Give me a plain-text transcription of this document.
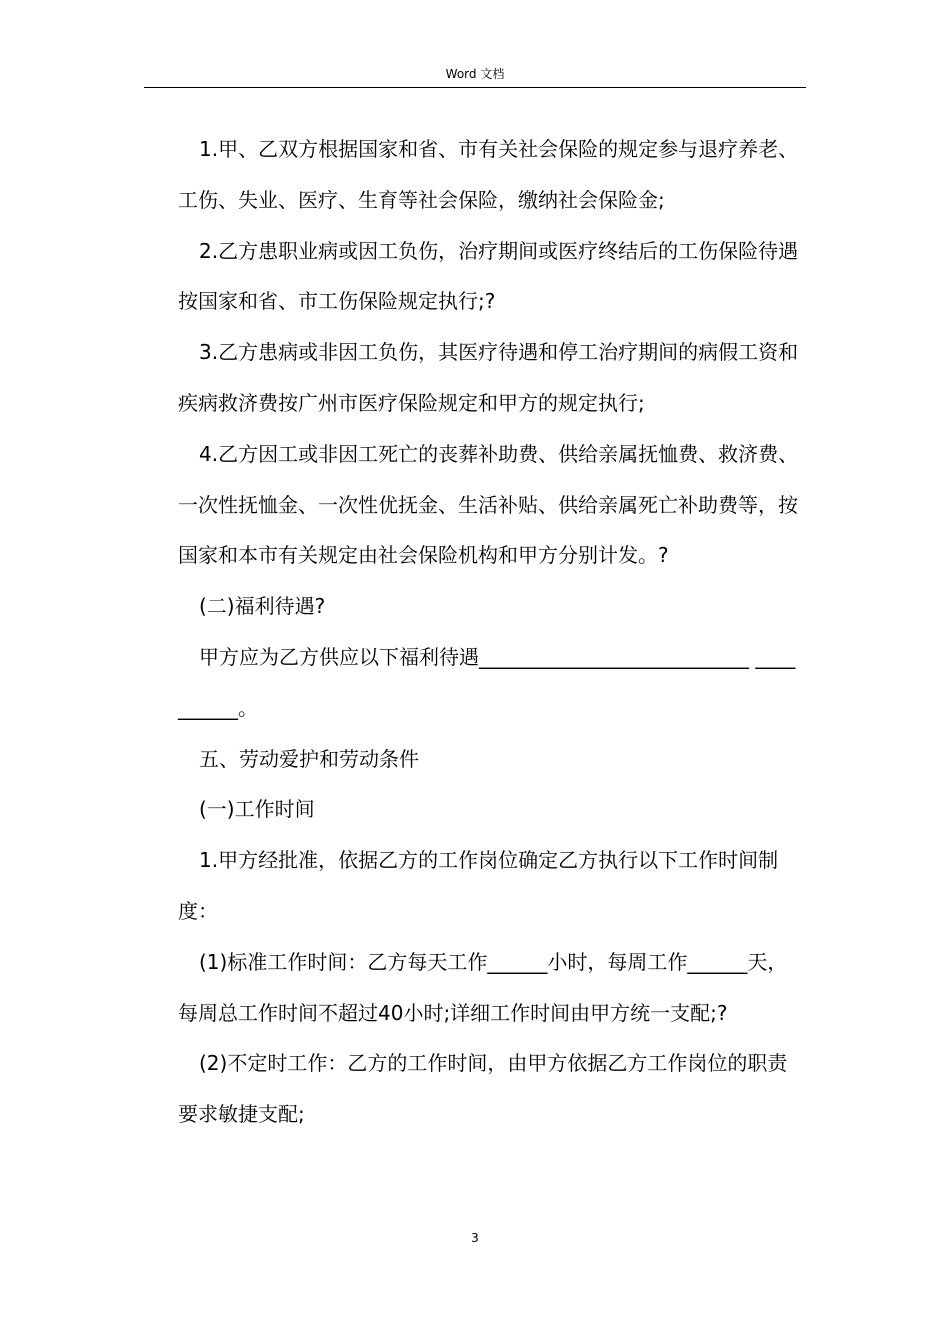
Word 文档

1.甲、乙双方根据国家和省、市有关社会保险的规定参与退疗养老、工伤、失业、医疗、生育等社会保险，缴纳社会保险金;

2.乙方患职业病或因工负伤，治疗期间或医疗终结后的工伤保险待遇按国家和省、市工伤保险规定执行;?

3.乙方患病或非因工负伤，其医疗待遇和停工治疗期间的病假工资和疾病救济费按广州市医疗保险规定和甲方的规定执行;

4.乙方因工或非因工死亡的丧葬补助费、供给亲属抚恤费、救济费、一次性抚恤金、一次性优抚金、生活补贴、供给亲属死亡补助费等，按国家和本市有关规定由社会保险机构和甲方分别计发。?

(二)福利待遇?

甲方应为乙方供应以下福利待遇___________________________ __________。

五、劳动爱护和劳动条件

(一)工作时间

1.甲方经批准，依据乙方的工作岗位确定乙方执行以下工作时间制度：

(1)标准工作时间：乙方每天工作______小时，每周工作______天，每周总工作时间不超过40小时;详细工作时间由甲方统一支配;?

(2)不定时工作：乙方的工作时间，由甲方依据乙方工作岗位的职责要求敏捷支配;

3
